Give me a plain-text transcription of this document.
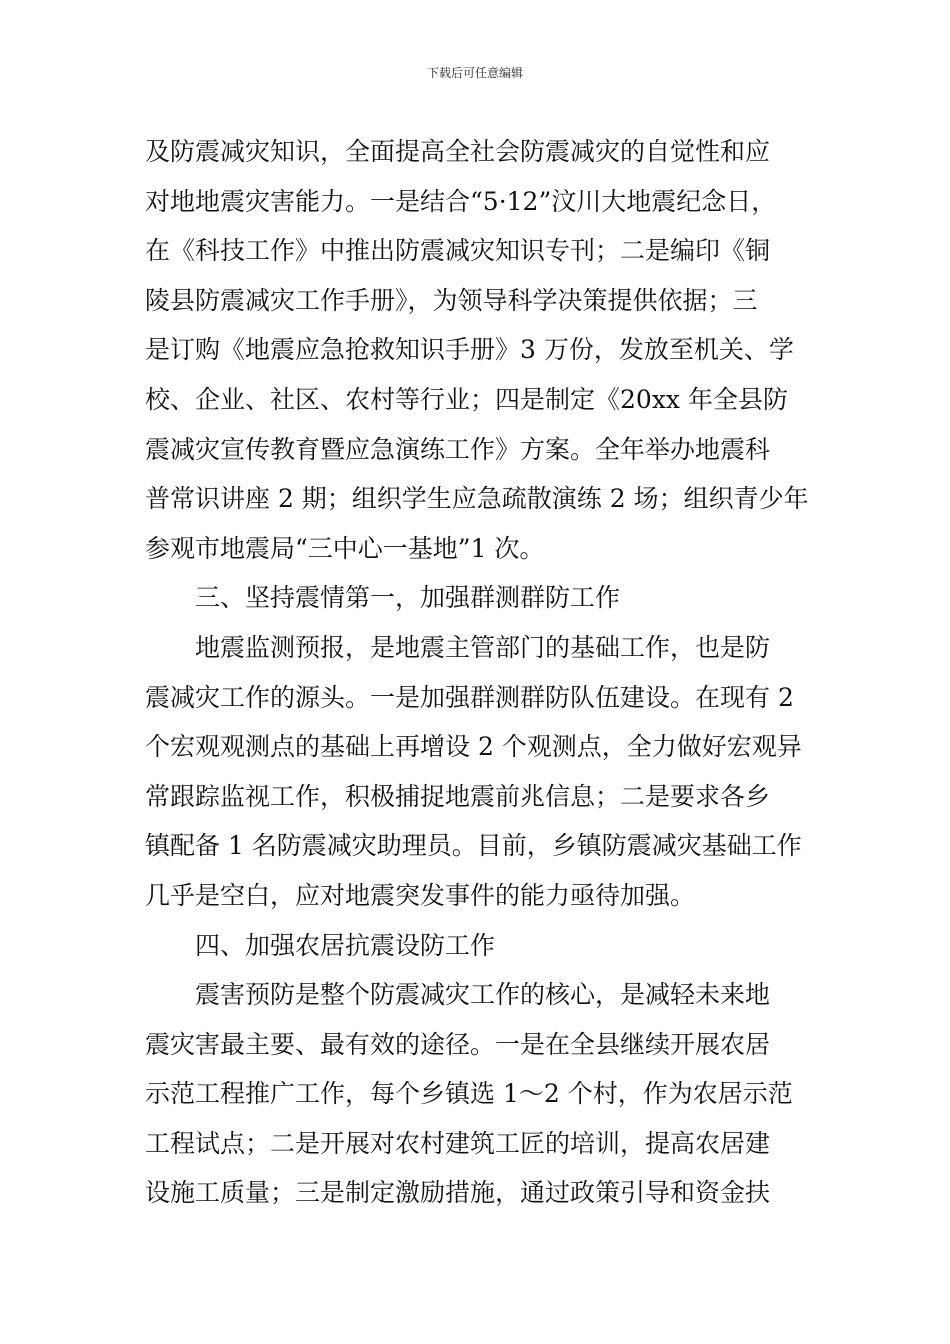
下载后可任意编辑
及防震减灾知识，全面提高全社会防震减灾的自觉性和应
对地地震灾害能力。一是结合“5·12”汶川大地震纪念日，
在《科技工作》中推出防震减灾知识专刊；二是编印《铜
陵县防震减灾工作手册》，为领导科学决策提供依据；三
是订购《地震应急抢救知识手册》3 万份，发放至机关、学
校、企业、社区、农村等行业；四是制定《20xx 年全县防
震减灾宣传教育暨应急演练工作》方案。全年举办地震科
普常识讲座 2 期；组织学生应急疏散演练 2 场；组织青少年
参观市地震局“三中心一基地”1 次。
三、坚持震情第一，加强群测群防工作
地震监测预报，是地震主管部门的基础工作，也是防
震减灾工作的源头。一是加强群测群防队伍建设。在现有 2
个宏观观测点的基础上再增设 2 个观测点，全力做好宏观异
常跟踪监视工作，积极捕捉地震前兆信息；二是要求各乡
镇配备 1 名防震减灾助理员。目前，乡镇防震减灾基础工作
几乎是空白，应对地震突发事件的能力亟待加强。
四、加强农居抗震设防工作
震害预防是整个防震减灾工作的核心，是减轻未来地
震灾害最主要、最有效的途径。一是在全县继续开展农居
示范工程推广工作，每个乡镇选 1～2 个村，作为农居示范
工程试点；二是开展对农村建筑工匠的培训，提高农居建
设施工质量；三是制定激励措施，通过政策引导和资金扶
